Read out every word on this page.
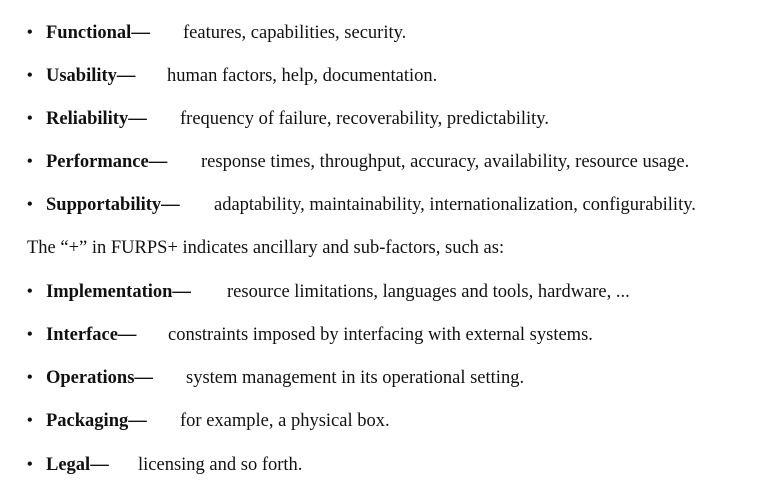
• Functional— features, capabilities, security.
• Usability— human factors, help, documentation.
• Reliability— frequency of failure, recoverability, predictability.
• Performance— response times, throughput, accuracy, availability, resource usage.
• Supportability— adaptability, maintainability, internationalization, configurability.
The “+” in FURPS+ indicates ancillary and sub-factors, such as:
• Implementation— resource limitations, languages and tools, hardware, ...
• Interface— constraints imposed by interfacing with external systems.
• Operations— system management in its operational setting.
• Packaging— for example, a physical box.
• Legal— licensing and so forth.
